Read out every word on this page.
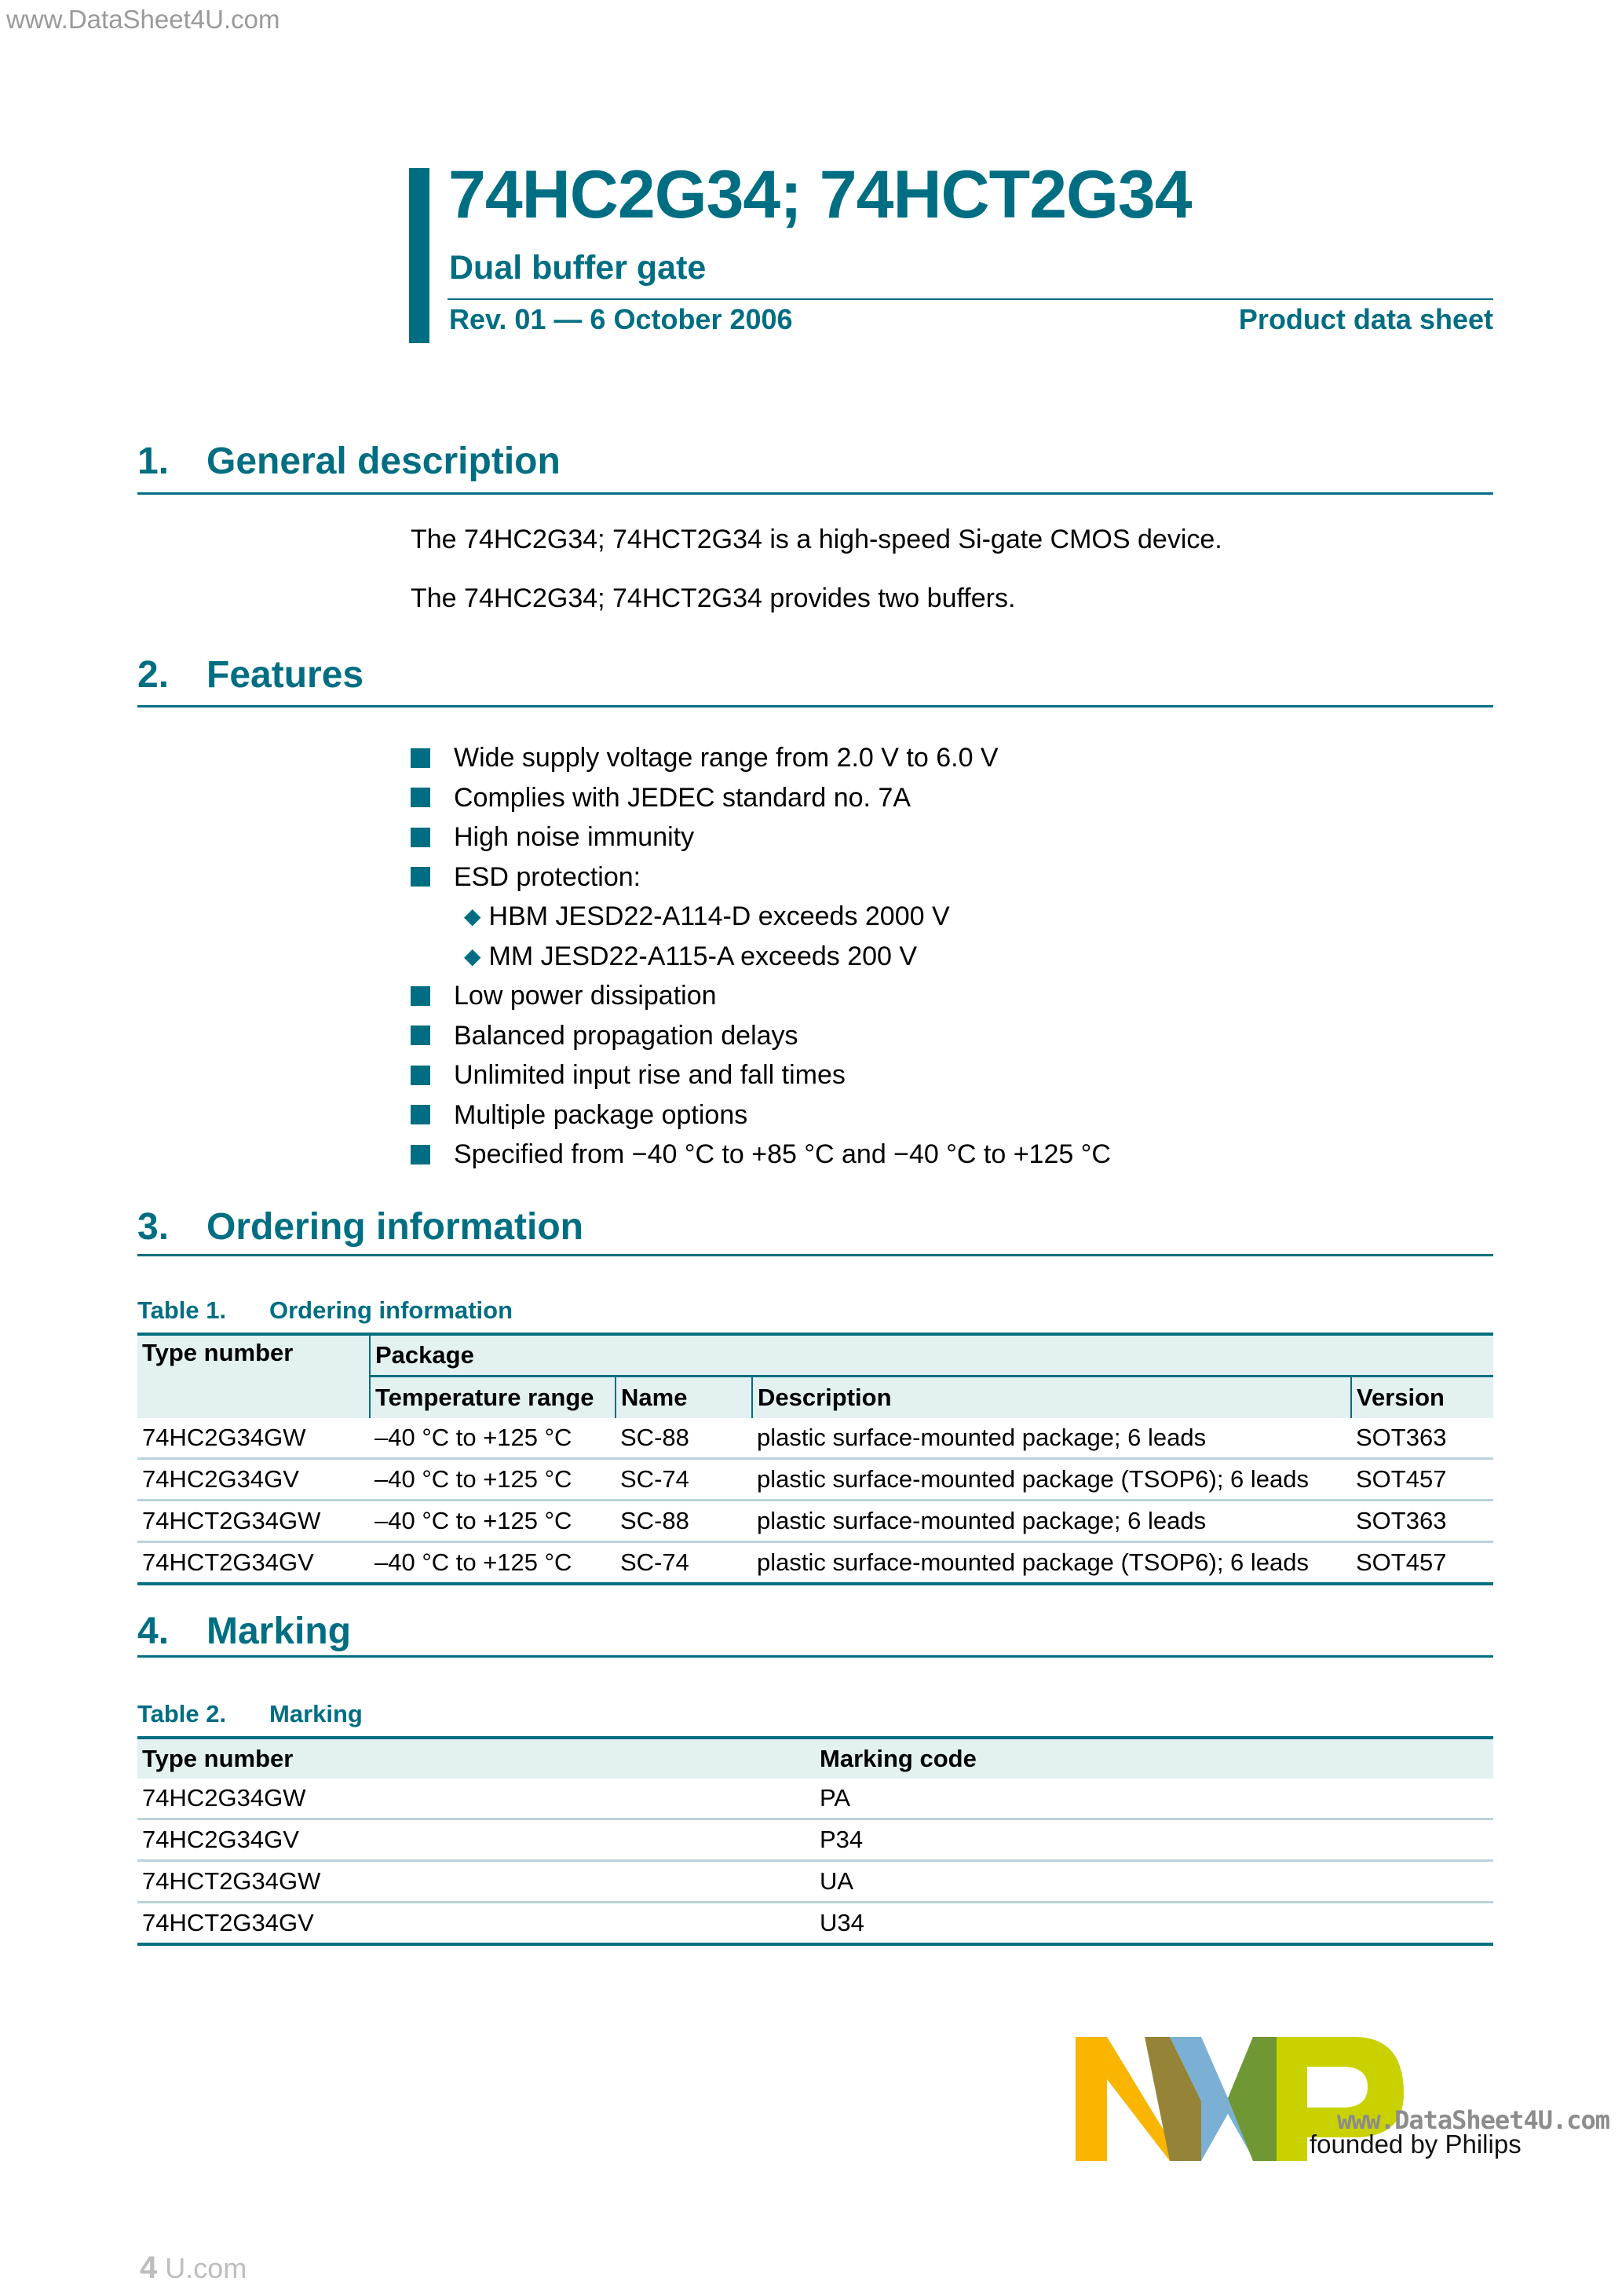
www.DataSheet4U.com
74HC2G34; 74HCT2G34
Dual buffer gate
Rev. 01 — 6 October 2006	Product data sheet
1. General description
The 74HC2G34; 74HCT2G34 is a high-speed Si-gate CMOS device.
The 74HC2G34; 74HCT2G34 provides two buffers.
2. Features
Wide supply voltage range from 2.0 V to 6.0 V
Complies with JEDEC standard no. 7A
High noise immunity
ESD protection:
◆ HBM JESD22-A114-D exceeds 2000 V
◆ MM JESD22-A115-A exceeds 200 V
Low power dissipation
Balanced propagation delays
Unlimited input rise and fall times
Multiple package options
Specified from −40 °C to +85 °C and −40 °C to +125 °C
3. Ordering information
Table 1. Ordering information
Type number	Package			
	Temperature range	Name	Description	Version
74HC2G34GW	–40 °C to +125 °C	SC-88	plastic surface-mounted package; 6 leads	SOT363
74HC2G34GV	–40 °C to +125 °C	SC-74	plastic surface-mounted package (TSOP6); 6 leads	SOT457
74HCT2G34GW	–40 °C to +125 °C	SC-88	plastic surface-mounted package; 6 leads	SOT363
74HCT2G34GV	–40 °C to +125 °C	SC-74	plastic surface-mounted package (TSOP6); 6 leads	SOT457
4. Marking
Table 2. Marking
Type number	Marking code
74HC2G34GW	PA
74HC2G34GV	P34
74HCT2G34GW	UA
74HCT2G34GV	U34
www.DataSheet4U.com
founded by Philips
4 U.com
